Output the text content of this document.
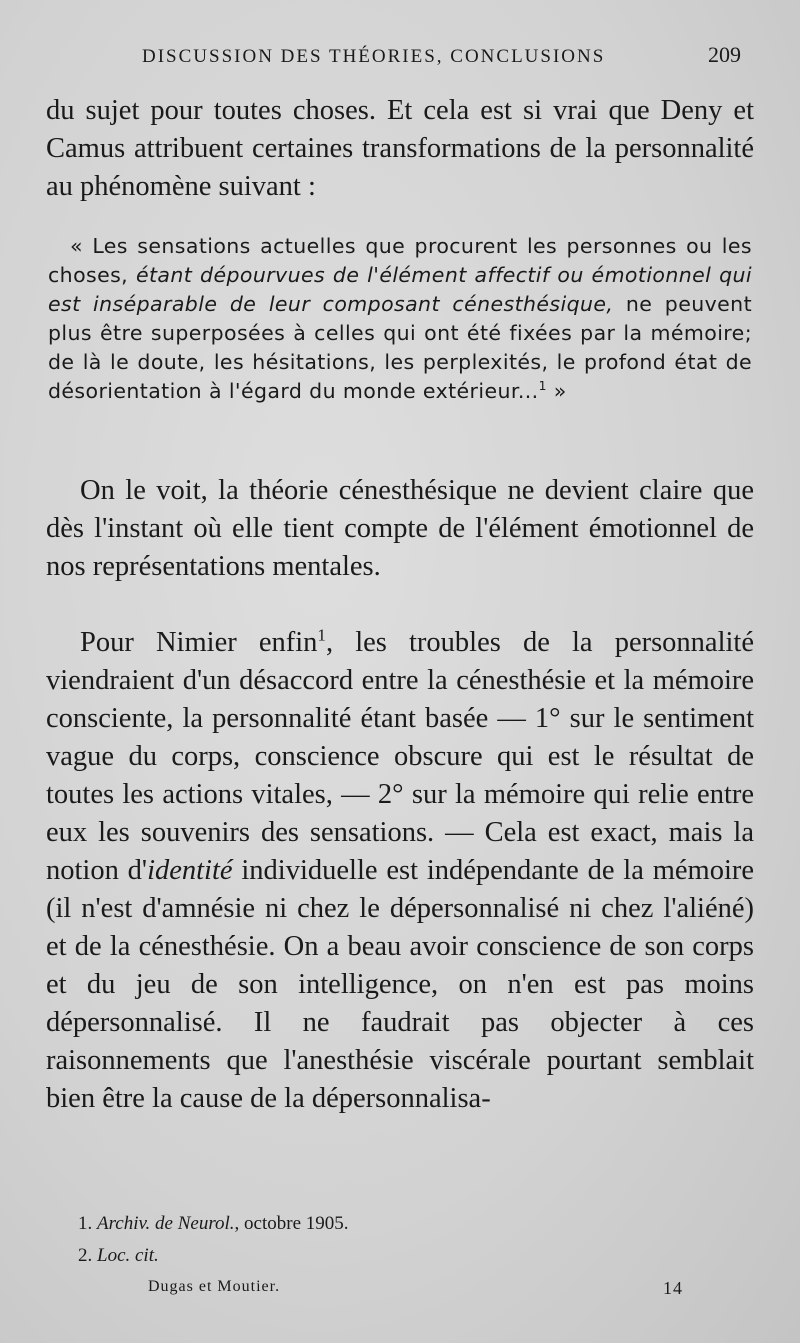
DISCUSSION DES THÉORIES, CONCLUSIONS	209

du sujet pour toutes choses. Et cela est si vrai que Deny et Camus attribuent certaines transformations de la personnalité au phénomène suivant :

« Les sensations actuelles que procurent les personnes ou les choses, étant dépourvues de l'élément affectif ou émotionnel qui est inséparable de leur composant cénesthésique, ne peuvent plus être superposées à celles qui ont été fixées par la mémoire; de là le doute, les hésitations, les perplexités, le profond état de désorientation à l'égard du monde extérieur...$^1$ »

On le voit, la théorie cénesthésique ne devient claire que dès l'instant où elle tient compte de l'élément émotionnel de nos représentations mentales.

Pour Nimier enfin$^1$, les troubles de la personnalité viendraient d'un désaccord entre la cénesthésie et la mémoire consciente, la personnalité étant basée — 1° sur le sentiment vague du corps, conscience obscure qui est le résultat de toutes les actions vitales, — 2° sur la mémoire qui relie entre eux les souvenirs des sensations. — Cela est exact, mais la notion d'identité individuelle est indépendante de la mémoire (il n'est d'amnésie ni chez le dépersonnalisé ni chez l'aliéné) et de la cénesthésie. On a beau avoir conscience de son corps et du jeu de son intelligence, on n'en est pas moins dépersonnalisé. Il ne faudrait pas objecter à ces raisonnements que l'anesthésie viscérale pourtant semblait bien être la cause de la dépersonnalisa-

1. Archiv. de Neurol., octobre 1905.
2. Loc. cit.
Dugas et Moutier.	14
